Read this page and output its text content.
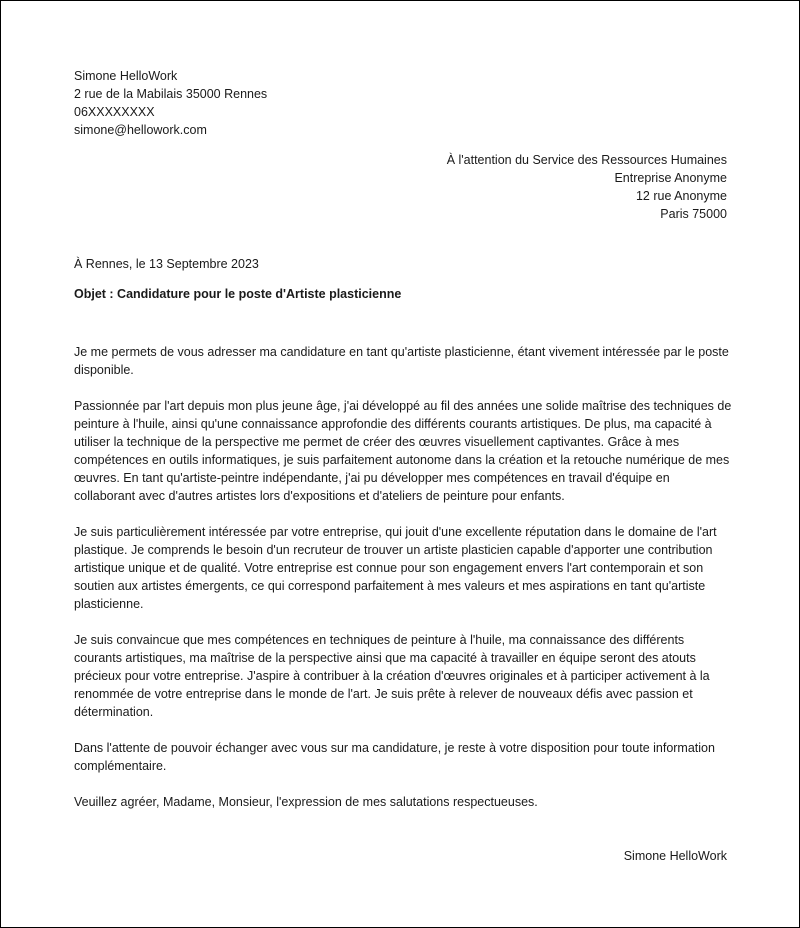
Simone HelloWork
2 rue de la Mabilais 35000 Rennes
06XXXXXXXX
simone@hellowork.com
À l'attention du Service des Ressources Humaines
Entreprise Anonyme
12 rue Anonyme
Paris 75000
À Rennes, le 13 Septembre 2023
Objet : Candidature pour le poste d'Artiste plasticienne

Je me permets de vous adresser ma candidature en tant qu'artiste plasticienne, étant vivement intéressée par le poste disponible.

Passionnée par l'art depuis mon plus jeune âge, j'ai développé au fil des années une solide maîtrise des techniques de peinture à l'huile, ainsi qu'une connaissance approfondie des différents courants artistiques. De plus, ma capacité à utiliser la technique de la perspective me permet de créer des œuvres visuellement captivantes. Grâce à mes compétences en outils informatiques, je suis parfaitement autonome dans la création et la retouche numérique de mes œuvres. En tant qu'artiste-peintre indépendante, j'ai pu développer mes compétences en travail d'équipe en collaborant avec d'autres artistes lors d'expositions et d'ateliers de peinture pour enfants.

Je suis particulièrement intéressée par votre entreprise, qui jouit d'une excellente réputation dans le domaine de l'art plastique. Je comprends le besoin d'un recruteur de trouver un artiste plasticien capable d'apporter une contribution artistique unique et de qualité. Votre entreprise est connue pour son engagement envers l'art contemporain et son soutien aux artistes émergents, ce qui correspond parfaitement à mes valeurs et mes aspirations en tant qu'artiste plasticienne.

Je suis convaincue que mes compétences en techniques de peinture à l'huile, ma connaissance des différents courants artistiques, ma maîtrise de la perspective ainsi que ma capacité à travailler en équipe seront des atouts précieux pour votre entreprise. J'aspire à contribuer à la création d'œuvres originales et à participer activement à la renommée de votre entreprise dans le monde de l'art. Je suis prête à relever de nouveaux défis avec passion et détermination.

Dans l'attente de pouvoir échanger avec vous sur ma candidature, je reste à votre disposition pour toute information complémentaire.

Veuillez agréer, Madame, Monsieur, l'expression de mes salutations respectueuses.

Simone HelloWork
